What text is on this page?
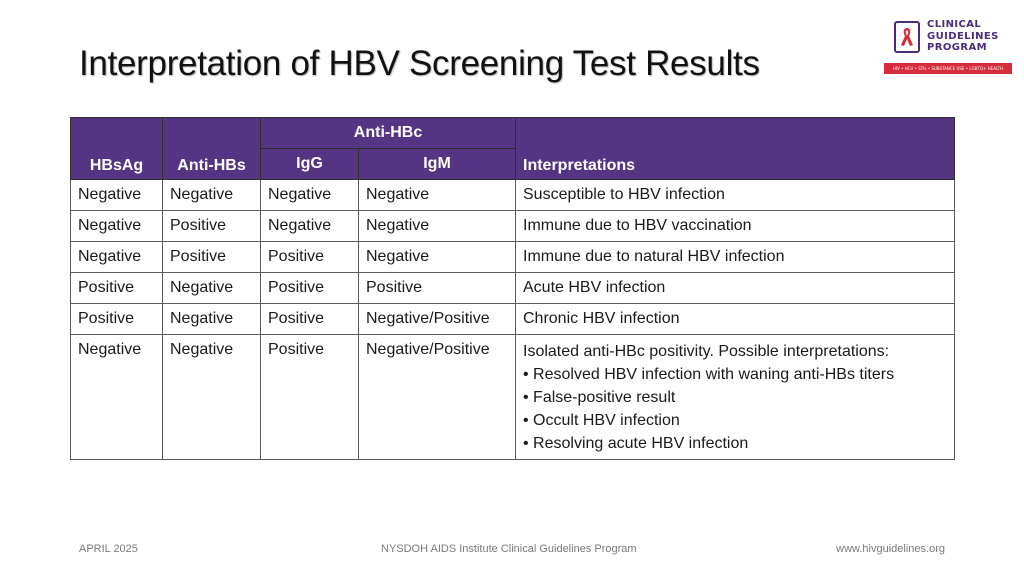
Interpretation of HBV Screening Test Results
CLINICAL
GUIDELINES
PROGRAM
HIV • HCV • STIs • SUBSTANCE USE • LGBTQ+ HEALTH
HBsAg	Anti-HBs	Anti-HBc		Interpretations
		IgG	IgM	
Negative	Negative	Negative	Negative	Susceptible to HBV infection
Negative	Positive	Negative	Negative	Immune due to HBV vaccination
Negative	Positive	Positive	Negative	Immune due to natural HBV infection
Positive	Negative	Positive	Positive	Acute HBV infection
Positive	Negative	Positive	Negative/Positive	Chronic HBV infection
Negative	Negative	Positive	Negative/Positive	Isolated anti-HBc positivity. Possible interpretations:
• Resolved HBV infection with waning anti-HBs titers
• False-positive result
• Occult HBV infection
• Resolving acute HBV infection
APRIL 2025	NYSDOH AIDS Institute Clinical Guidelines Program	www.hivguidelines.org
